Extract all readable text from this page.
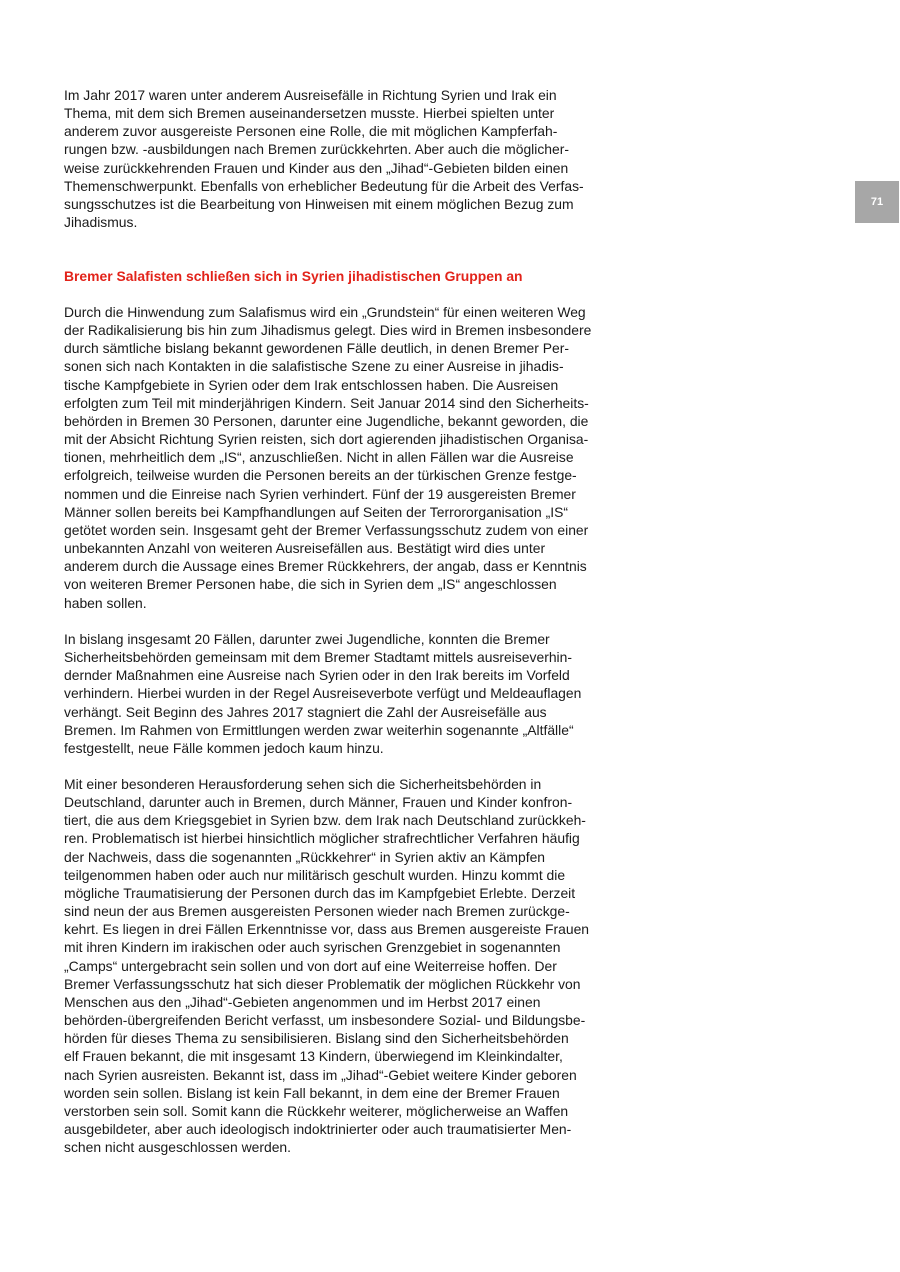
71

Im Jahr 2017 waren unter anderem Ausreisefälle in Richtung Syrien und Irak ein
Thema, mit dem sich Bremen auseinandersetzen musste. Hierbei spielten unter
anderem zuvor ausgereiste Personen eine Rolle, die mit möglichen Kampferfah-
rungen bzw. -ausbildungen nach Bremen zurückkehrten. Aber auch die möglicher-
weise zurückkehrenden Frauen und Kinder aus den „Jihad“-Gebieten bilden einen
Themenschwerpunkt. Ebenfalls von erheblicher Bedeutung für die Arbeit des Verfas-
sungsschutzes ist die Bearbeitung von Hinweisen mit einem möglichen Bezug zum
Jihadismus.

Bremer Salafisten schließen sich in Syrien jihadistischen Gruppen an

Durch die Hinwendung zum Salafismus wird ein „Grundstein“ für einen weiteren Weg
der Radikalisierung bis hin zum Jihadismus gelegt. Dies wird in Bremen insbesondere
durch sämtliche bislang bekannt gewordenen Fälle deutlich, in denen Bremer Per-
sonen sich nach Kontakten in die salafistische Szene zu einer Ausreise in jihadis-
tische Kampfgebiete in Syrien oder dem Irak entschlossen haben. Die Ausreisen
erfolgten zum Teil mit minderjährigen Kindern. Seit Januar 2014 sind den Sicherheits-
behörden in Bremen 30 Personen, darunter eine Jugendliche, bekannt geworden, die
mit der Absicht Richtung Syrien reisten, sich dort agierenden jihadistischen Organisa-
tionen, mehrheitlich dem „IS“, anzuschließen. Nicht in allen Fällen war die Ausreise
erfolgreich, teilweise wurden die Personen bereits an der türkischen Grenze festge-
nommen und die Einreise nach Syrien verhindert. Fünf der 19 ausgereisten Bremer
Männer sollen bereits bei Kampfhandlungen auf Seiten der Terrororganisation „IS“
getötet worden sein. Insgesamt geht der Bremer Verfassungsschutz zudem von einer
unbekannten Anzahl von weiteren Ausreisefällen aus. Bestätigt wird dies unter
anderem durch die Aussage eines Bremer Rückkehrers, der angab, dass er Kenntnis
von weiteren Bremer Personen habe, die sich in Syrien dem „IS“ angeschlossen
haben sollen.

In bislang insgesamt 20 Fällen, darunter zwei Jugendliche, konnten die Bremer
Sicherheitsbehörden gemeinsam mit dem Bremer Stadtamt mittels ausreiseverhin-
dernder Maßnahmen eine Ausreise nach Syrien oder in den Irak bereits im Vorfeld
verhindern. Hierbei wurden in der Regel Ausreiseverbote verfügt und Meldeauflagen
verhängt. Seit Beginn des Jahres 2017 stagniert die Zahl der Ausreisefälle aus
Bremen. Im Rahmen von Ermittlungen werden zwar weiterhin sogenannte „Altfälle“
festgestellt, neue Fälle kommen jedoch kaum hinzu.

Mit einer besonderen Herausforderung sehen sich die Sicherheitsbehörden in
Deutschland, darunter auch in Bremen, durch Männer, Frauen und Kinder konfron-
tiert, die aus dem Kriegsgebiet in Syrien bzw. dem Irak nach Deutschland zurückkeh-
ren. Problematisch ist hierbei hinsichtlich möglicher strafrechtlicher Verfahren häufig
der Nachweis, dass die sogenannten „Rückkehrer“ in Syrien aktiv an Kämpfen
teilgenommen haben oder auch nur militärisch geschult wurden. Hinzu kommt die
mögliche Traumatisierung der Personen durch das im Kampfgebiet Erlebte. Derzeit
sind neun der aus Bremen ausgereisten Personen wieder nach Bremen zurückge-
kehrt. Es liegen in drei Fällen Erkenntnisse vor, dass aus Bremen ausgereiste Frauen
mit ihren Kindern im irakischen oder auch syrischen Grenzgebiet in sogenannten
„Camps“ untergebracht sein sollen und von dort auf eine Weiterreise hoffen. Der
Bremer Verfassungsschutz hat sich dieser Problematik der möglichen Rückkehr von
Menschen aus den „Jihad“-Gebieten angenommen und im Herbst 2017 einen
behörden-übergreifenden Bericht verfasst, um insbesondere Sozial- und Bildungsbe-
hörden für dieses Thema zu sensibilisieren. Bislang sind den Sicherheitsbehörden
elf Frauen bekannt, die mit insgesamt 13 Kindern, überwiegend im Kleinkindalter,
nach Syrien ausreisten. Bekannt ist, dass im „Jihad“-Gebiet weitere Kinder geboren
worden sein sollen. Bislang ist kein Fall bekannt, in dem eine der Bremer Frauen
verstorben sein soll. Somit kann die Rückkehr weiterer, möglicherweise an Waffen
ausgebildeter, aber auch ideologisch indoktrinierter oder auch traumatisierter Men-
schen nicht ausgeschlossen werden.
